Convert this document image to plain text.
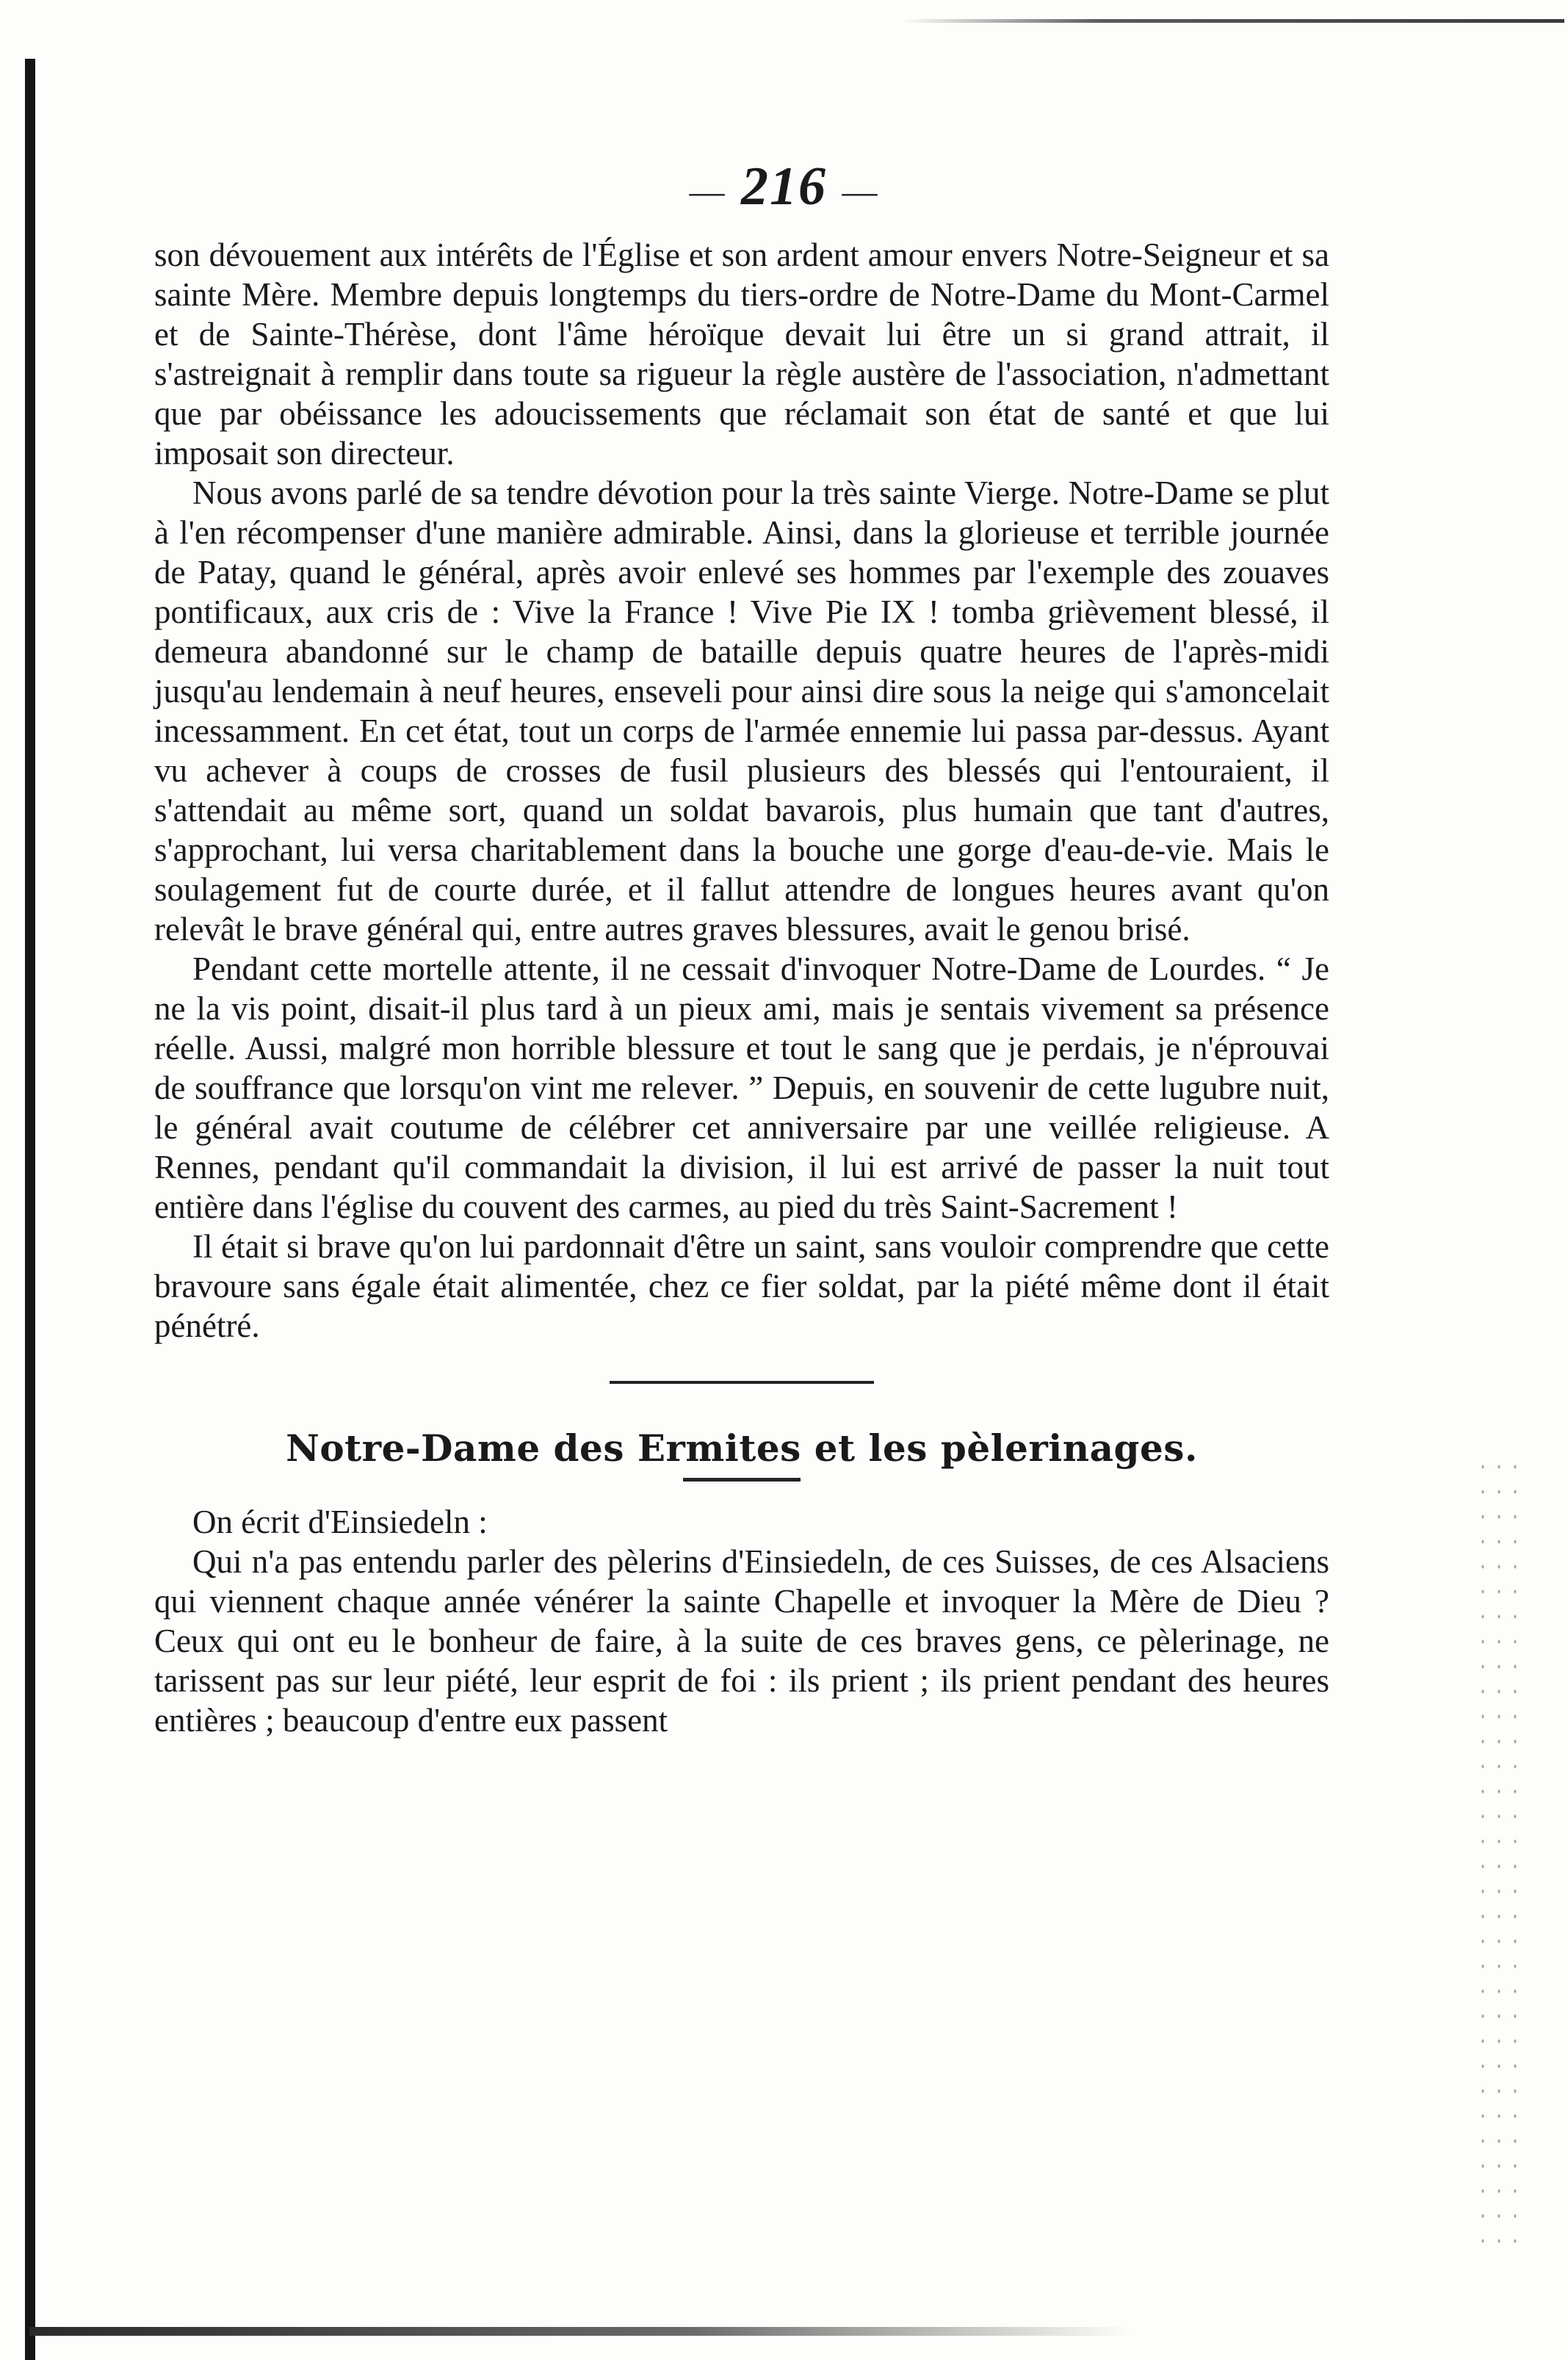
— 216 —

son dévouement aux intérêts de l'Église et son ardent amour envers Notre-Seigneur et sa sainte Mère. Membre depuis longtemps du tiers-ordre de Notre-Dame du Mont-Carmel et de Sainte-Thérèse, dont l'âme héroïque devait lui être un si grand attrait, il s'astreignait à remplir dans toute sa rigueur la règle austère de l'association, n'admettant que par obéissance les adoucissements que réclamait son état de santé et que lui imposait son directeur.

Nous avons parlé de sa tendre dévotion pour la très sainte Vierge. Notre-Dame se plut à l'en récompenser d'une manière admirable. Ainsi, dans la glorieuse et terrible journée de Patay, quand le général, après avoir enlevé ses hommes par l'exemple des zouaves pontificaux, aux cris de : Vive la France ! Vive Pie IX ! tomba grièvement blessé, il demeura abandonné sur le champ de bataille depuis quatre heures de l'après-midi jusqu'au lendemain à neuf heures, enseveli pour ainsi dire sous la neige qui s'amoncelait incessamment. En cet état, tout un corps de l'armée ennemie lui passa par-dessus. Ayant vu achever à coups de crosses de fusil plusieurs des blessés qui l'entouraient, il s'attendait au même sort, quand un soldat bavarois, plus humain que tant d'autres, s'approchant, lui versa charitablement dans la bouche une gorge d'eau-de-vie. Mais le soulagement fut de courte durée, et il fallut attendre de longues heures avant qu'on relevât le brave général qui, entre autres graves blessures, avait le genou brisé.

Pendant cette mortelle attente, il ne cessait d'invoquer Notre-Dame de Lourdes. “ Je ne la vis point, disait-il plus tard à un pieux ami, mais je sentais vivement sa présence réelle. Aussi, malgré mon horrible blessure et tout le sang que je perdais, je n'éprouvai de souffrance que lorsqu'on vint me relever. ” Depuis, en souvenir de cette lugubre nuit, le général avait coutume de célébrer cet anniversaire par une veillée religieuse. A Rennes, pendant qu'il commandait la division, il lui est arrivé de passer la nuit tout entière dans l'église du couvent des carmes, au pied du très Saint-Sacrement !

Il était si brave qu'on lui pardonnait d'être un saint, sans vouloir comprendre que cette bravoure sans égale était alimentée, chez ce fier soldat, par la piété même dont il était pénétré.

Notre-Dame des Ermites et les pèlerinages.

On écrit d'Einsiedeln :

Qui n'a pas entendu parler des pèlerins d'Einsiedeln, de ces Suisses, de ces Alsaciens qui viennent chaque année vénérer la sainte Chapelle et invoquer la Mère de Dieu ? Ceux qui ont eu le bonheur de faire, à la suite de ces braves gens, ce pèlerinage, ne tarissent pas sur leur piété, leur esprit de foi : ils prient ; ils prient pendant des heures entières ; beaucoup d'entre eux passent
